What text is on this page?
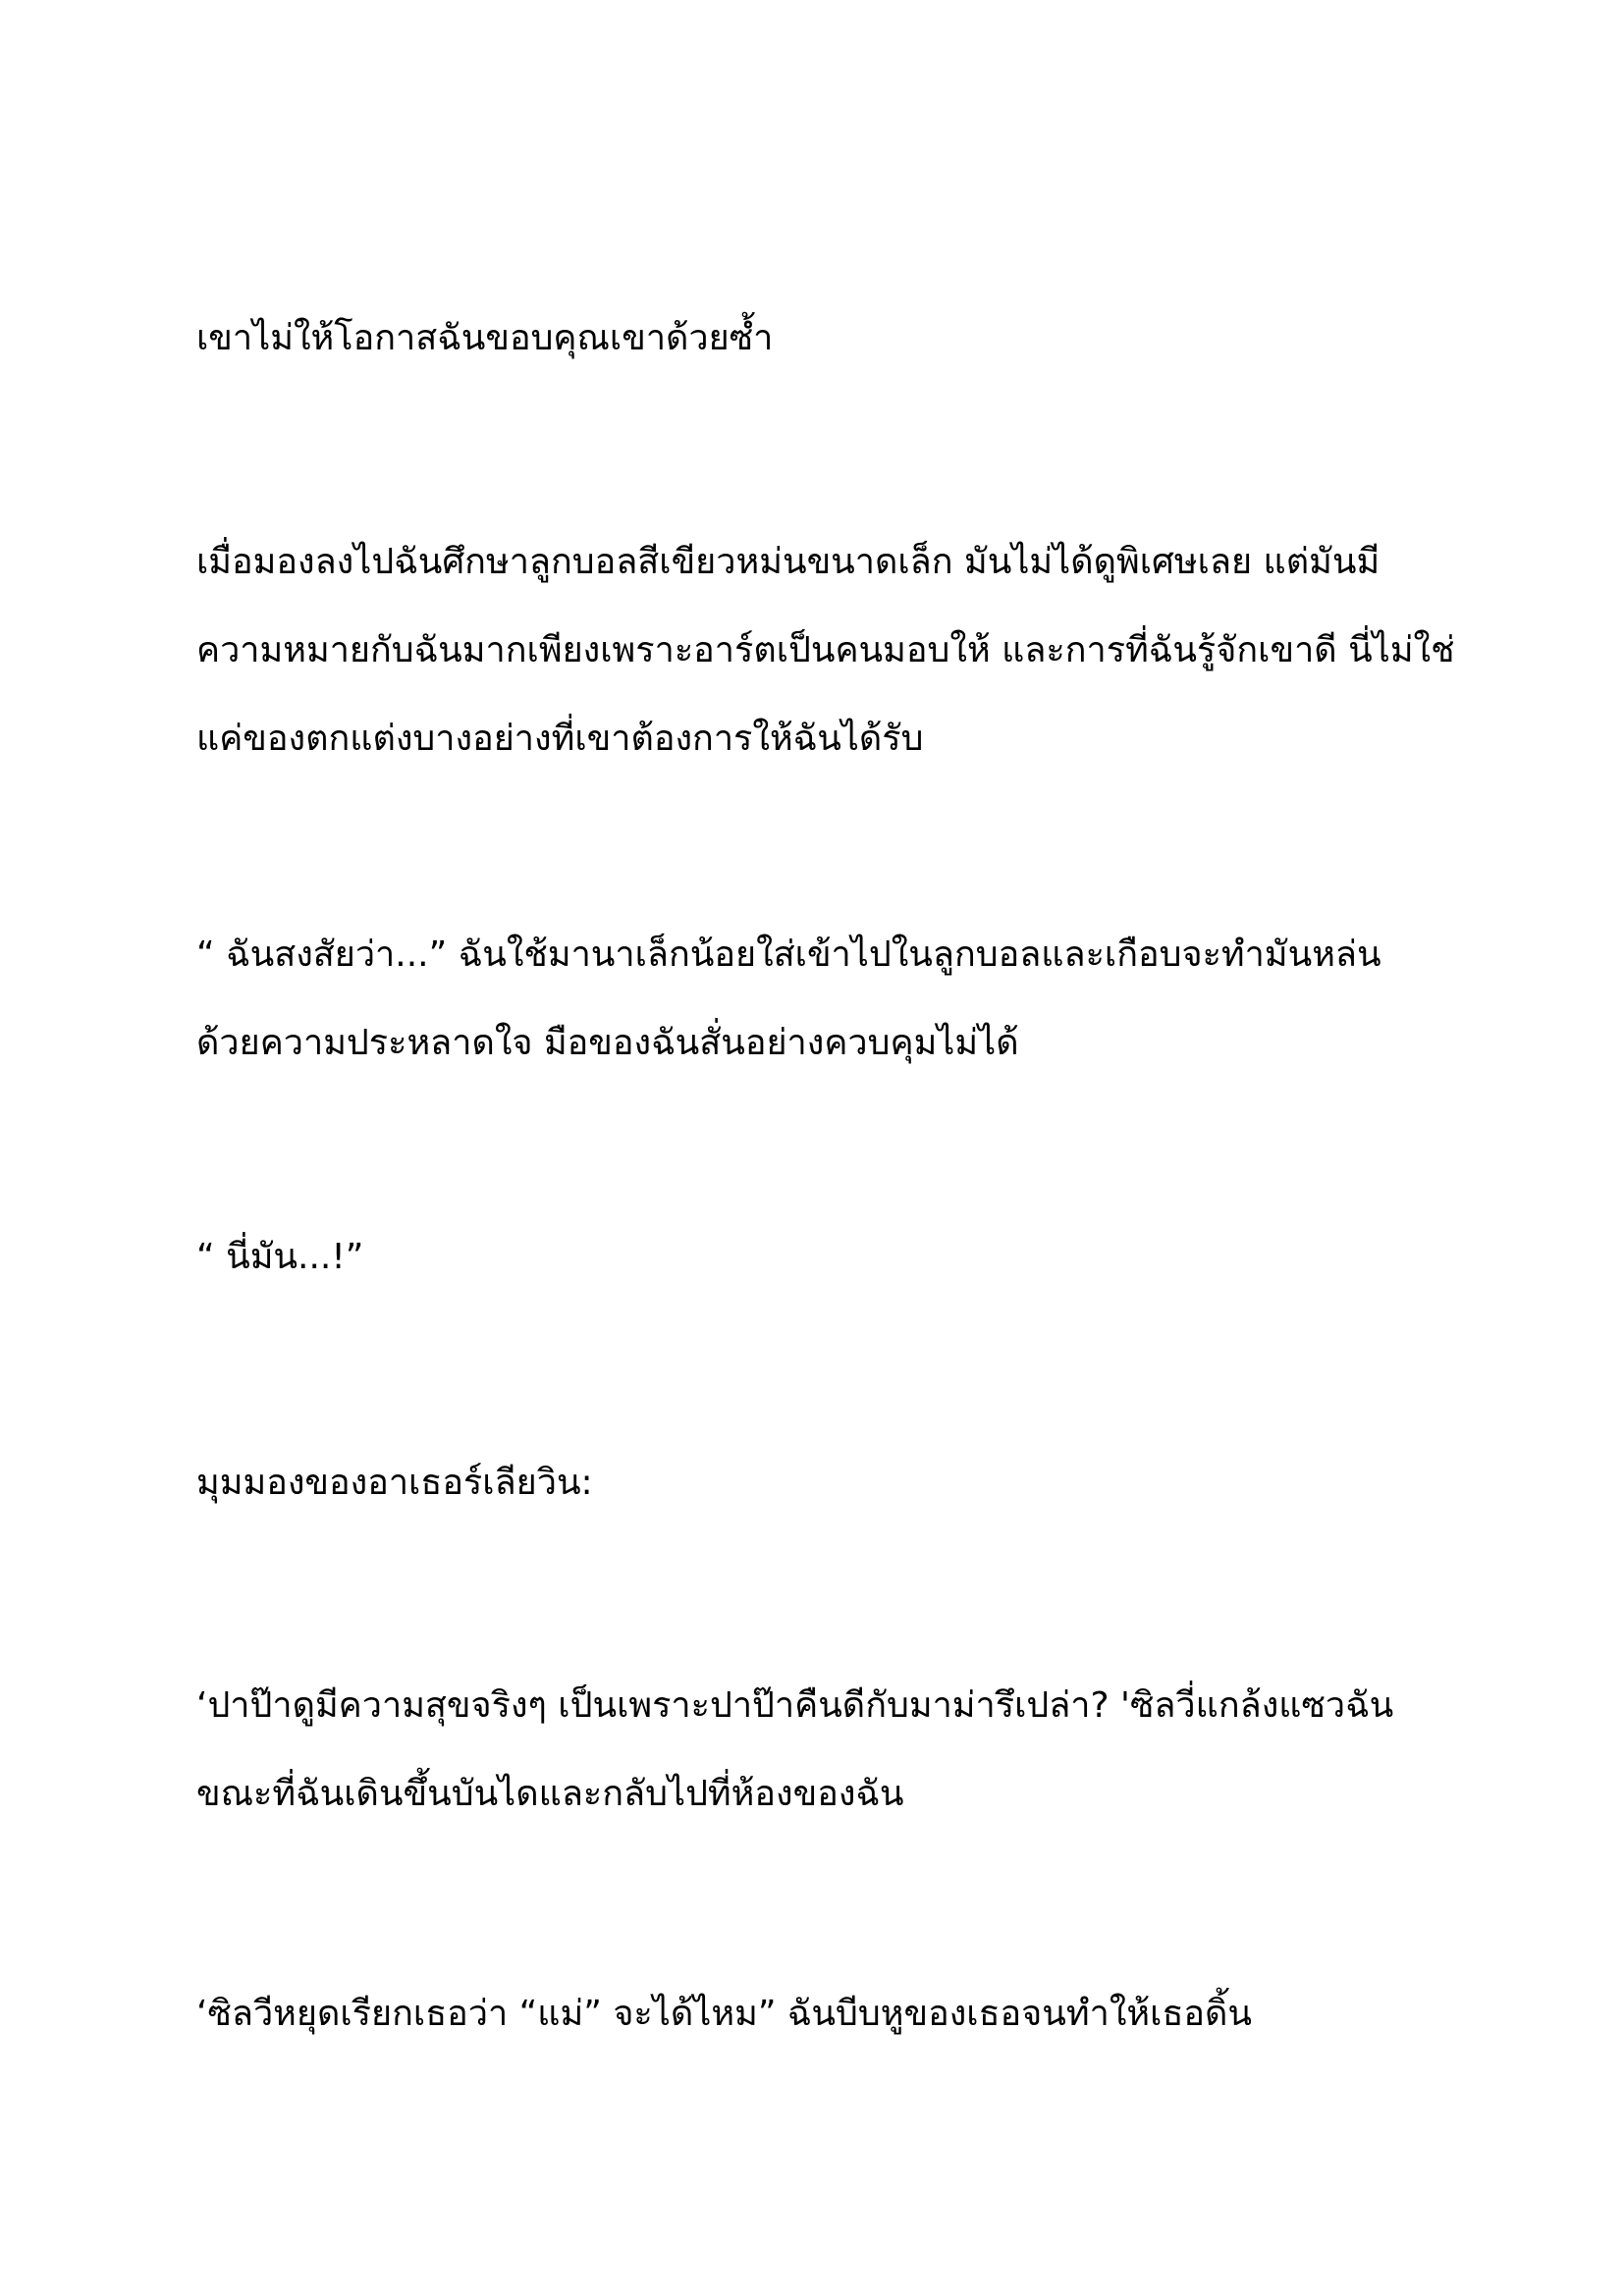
เขาไม่ให้โอกาสฉันขอบคุณเขาด้วยซ้ำ
เมื่อมองลงไปฉันศึกษาลูกบอลสีเขียวหม่นขนาดเล็ก มันไม่ได้ดูพิเศษเลย แต่มันมี
ความหมายกับฉันมากเพียงเพราะอาร์ตเป็นคนมอบให้ และการที่ฉันรู้จักเขาดี นี่ไม่ใช่
แค่ของตกแต่งบางอย่างที่เขาต้องการให้ฉันได้รับ
“ ฉันสงสัยว่า...” ฉันใช้มานาเล็กน้อยใส่เข้าไปในลูกบอลและเกือบจะทำมันหล่น
ด้วยความประหลาดใจ มือของฉันสั่นอย่างควบคุมไม่ได้
“ นี่มัน...!”
มุมมองของอาเธอร์เลียวิน:
‘ปาป๊าดูมีความสุขจริงๆ เป็นเพราะปาป๊าคืนดีกับมาม่ารึเปล่า? 'ซิลวี่แกล้งแซวฉัน
ขณะที่ฉันเดินขึ้นบันไดและกลับไปที่ห้องของฉัน
‘ซิลวีหยุดเรียกเธอว่า “แม่” จะได้ไหม” ฉันบีบหูของเธอจนทำให้เธอดิ้น
